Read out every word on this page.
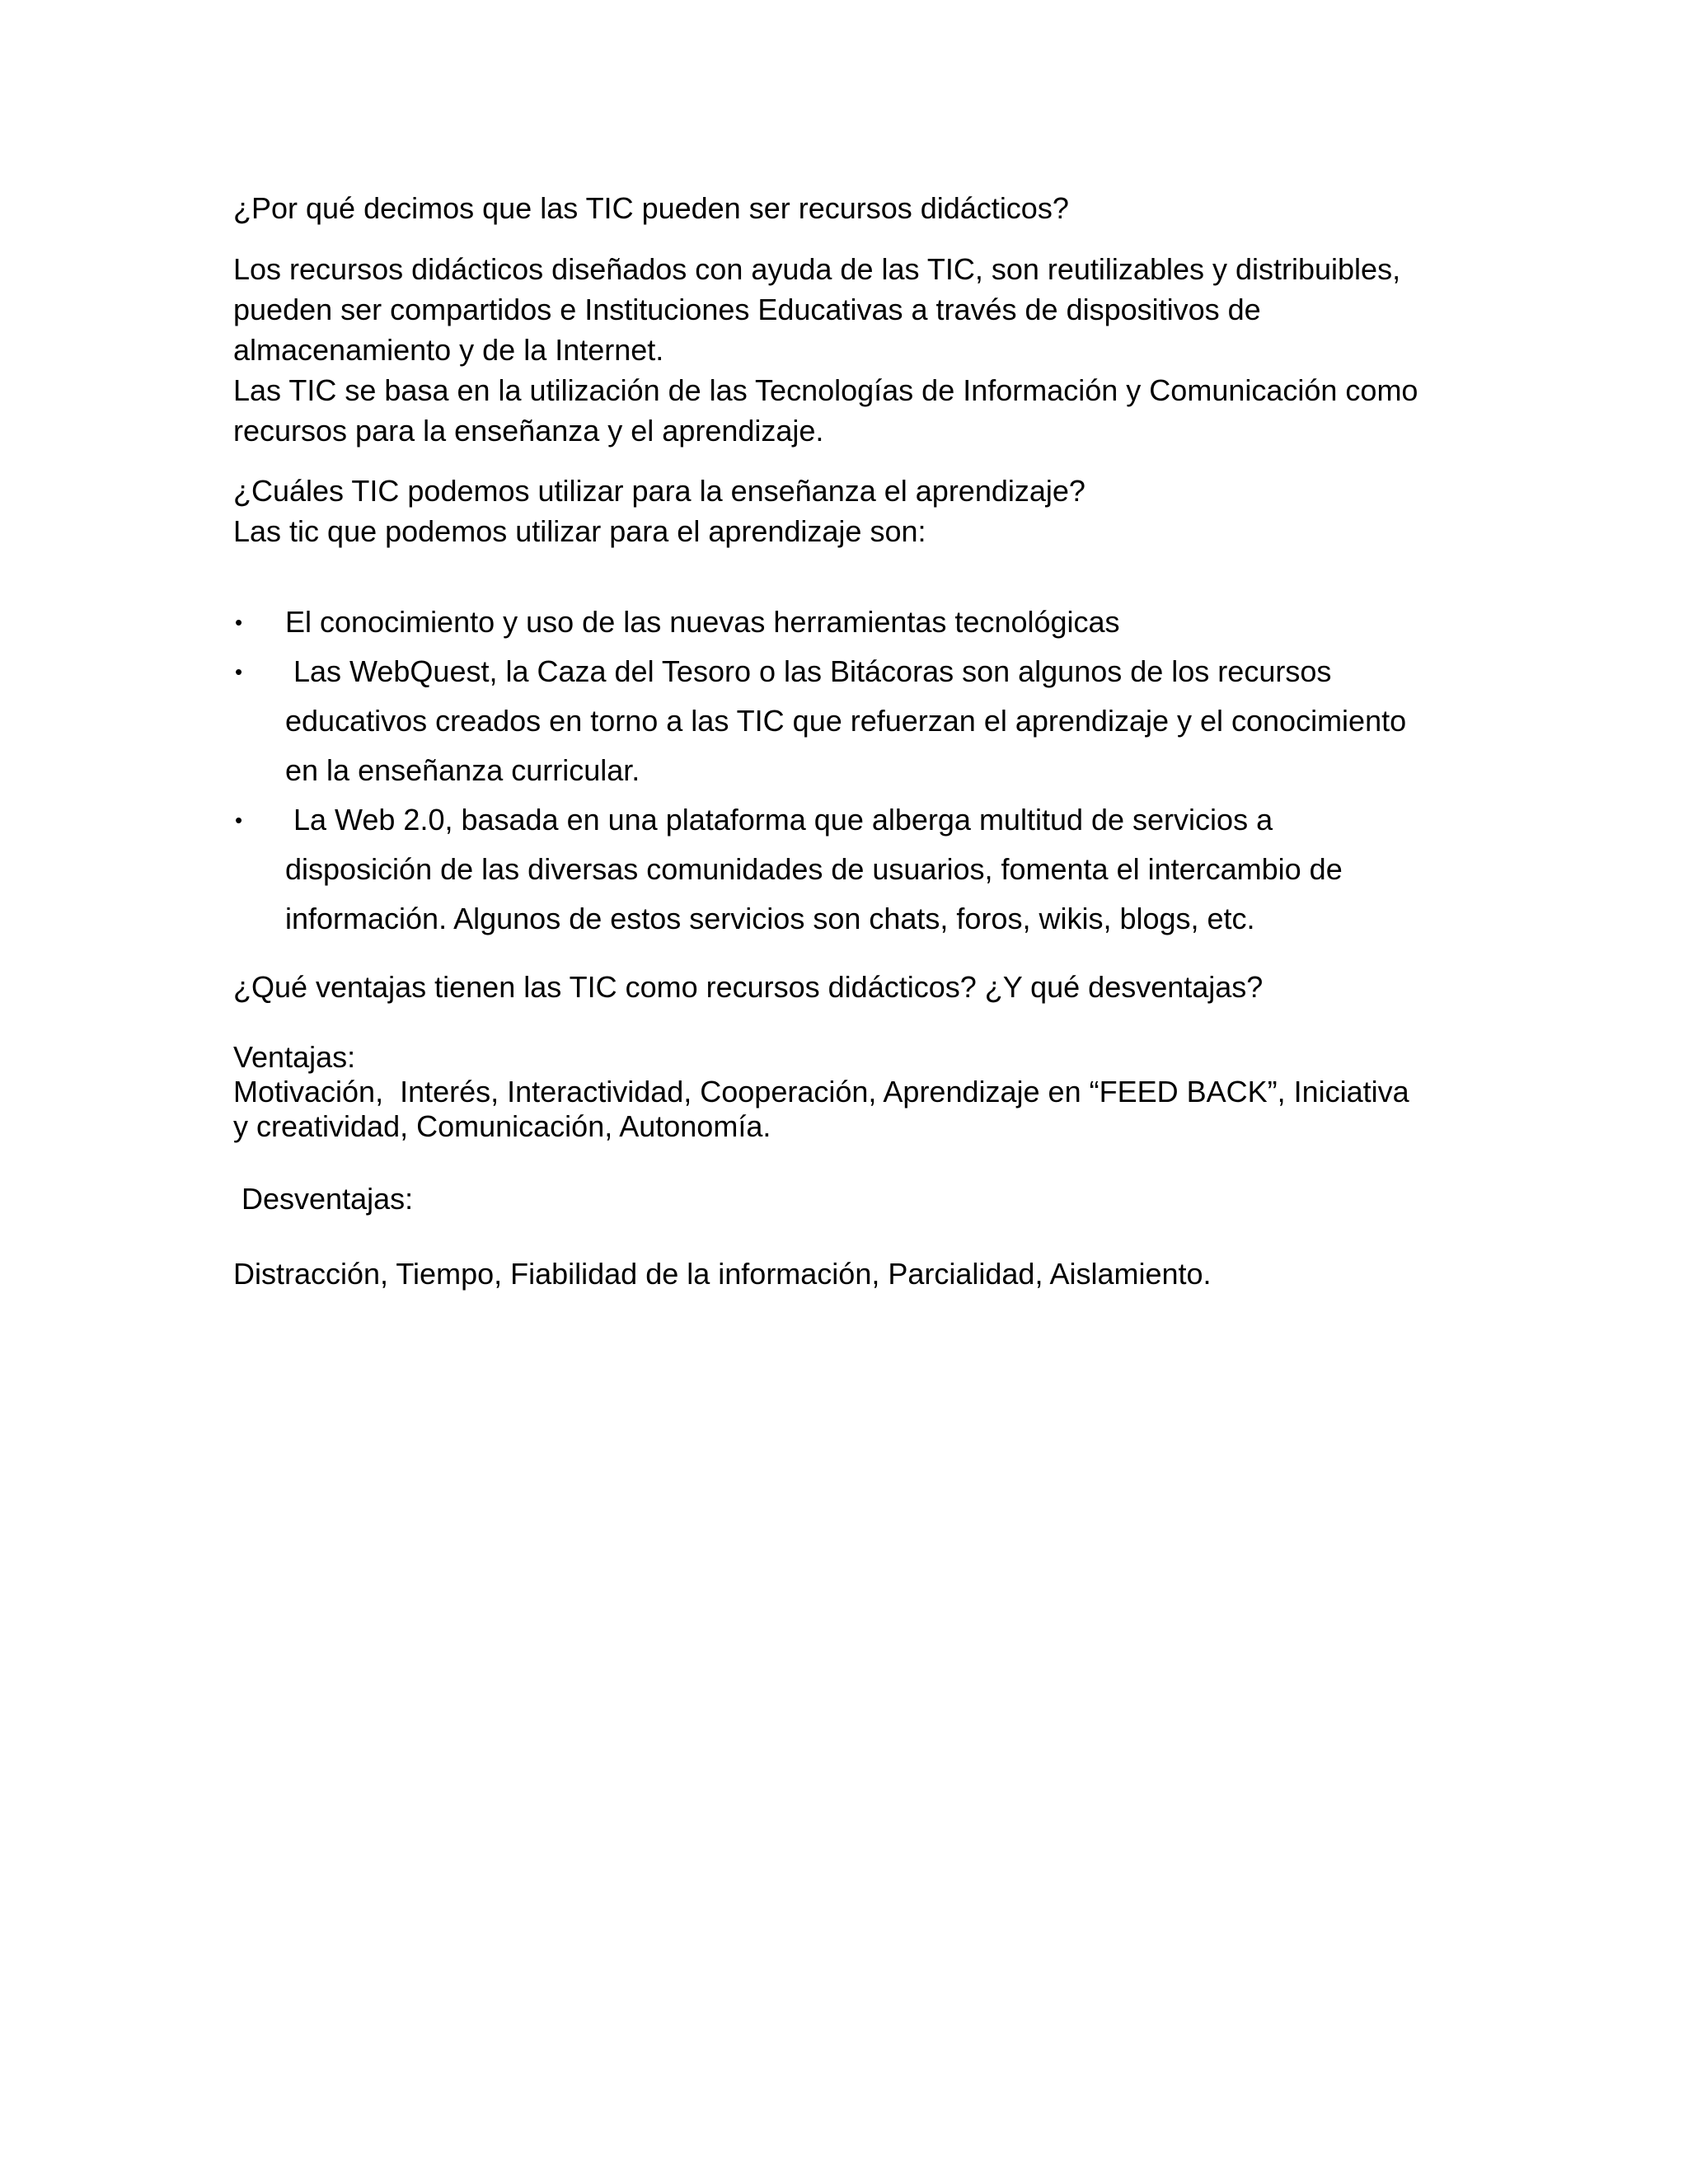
¿Por qué decimos que las TIC pueden ser recursos didácticos?

Los recursos didácticos diseñados con ayuda de las TIC, son reutilizables y distribuibles,
pueden ser compartidos e Instituciones Educativas a través de dispositivos de
almacenamiento y de la Internet.
Las TIC se basa en la utilización de las Tecnologías de Información y Comunicación como
recursos para la enseñanza y el aprendizaje.

¿Cuáles TIC podemos utilizar para la enseñanza el aprendizaje?

Las tic que podemos utilizar para el aprendizaje son:

• El conocimiento y uso de las nuevas herramientas tecnológicas
• Las WebQuest, la Caza del Tesoro o las Bitácoras son algunos de los recursos
educativos creados en torno a las TIC que refuerzan el aprendizaje y el conocimiento
en la enseñanza curricular.
• La Web 2.0, basada en una plataforma que alberga multitud de servicios a
disposición de las diversas comunidades de usuarios, fomenta el intercambio de
información. Algunos de estos servicios son chats, foros, wikis, blogs, etc.

¿Qué ventajas tienen las TIC como recursos didácticos? ¿Y qué desventajas?

Ventajas:
Motivación,  Interés, Interactividad, Cooperación, Aprendizaje en “FEED BACK”, Iniciativa
y creatividad, Comunicación, Autonomía.

Desventajas:

Distracción, Tiempo, Fiabilidad de la información, Parcialidad, Aislamiento.
